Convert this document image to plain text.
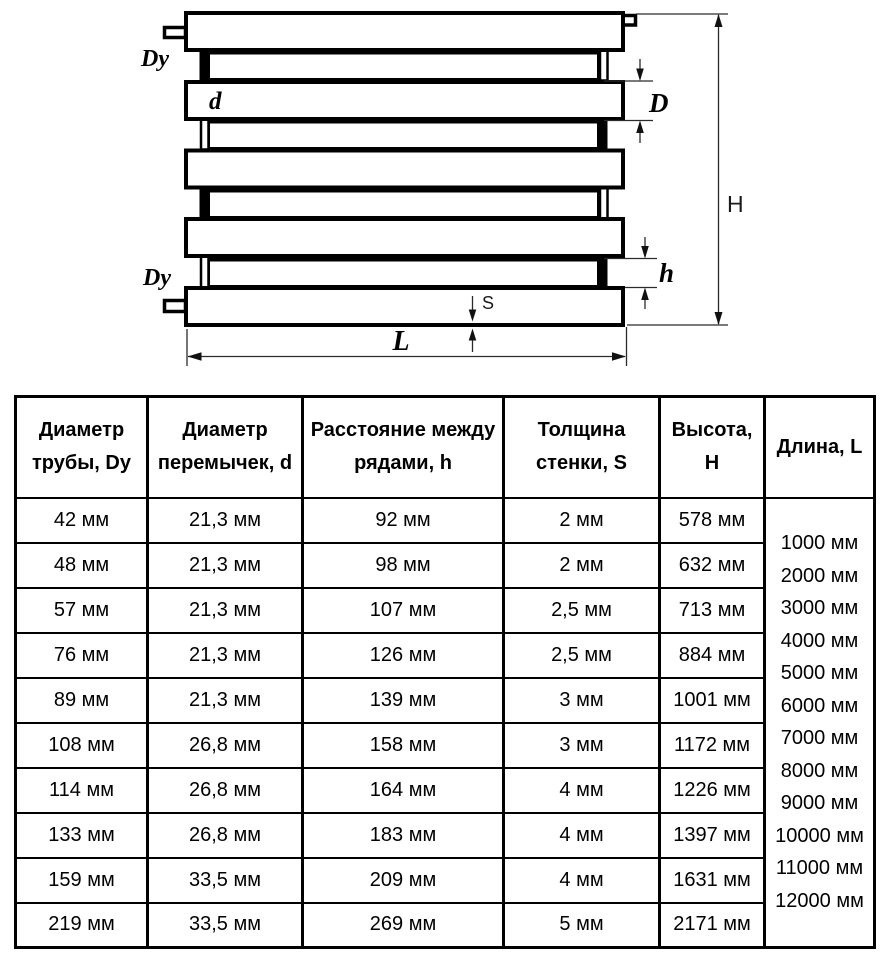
H
D
h
S
L
Dy
d
Dy
Диаметр трубы, Dy	Диаметр перемычек, d	Расстояние между рядами, h	Толщина стенки, S	Высота, H	Длина, L
42 мм	21,3 мм	92 мм	2 мм	578 мм	
1000 мм
2000 мм
3000 мм
4000 мм
5000 мм
6000 мм
7000 мм
8000 мм
9000 мм
10000 мм
11000 мм
12000 мм

48 мм	21,3 мм	98 мм	2 мм	632 мм	
57 мм	21,3 мм	107 мм	2,5 мм	713 мм	
76 мм	21,3 мм	126 мм	2,5 мм	884 мм	
89 мм	21,3 мм	139 мм	3 мм	1001 мм	
108 мм	26,8 мм	158 мм	3 мм	1172 мм	
114 мм	26,8 мм	164 мм	4 мм	1226 мм	
133 мм	26,8 мм	183 мм	4 мм	1397 мм	
159 мм	33,5 мм	209 мм	4 мм	1631 мм	
219 мм	33,5 мм	269 мм	5 мм	2171 мм	
